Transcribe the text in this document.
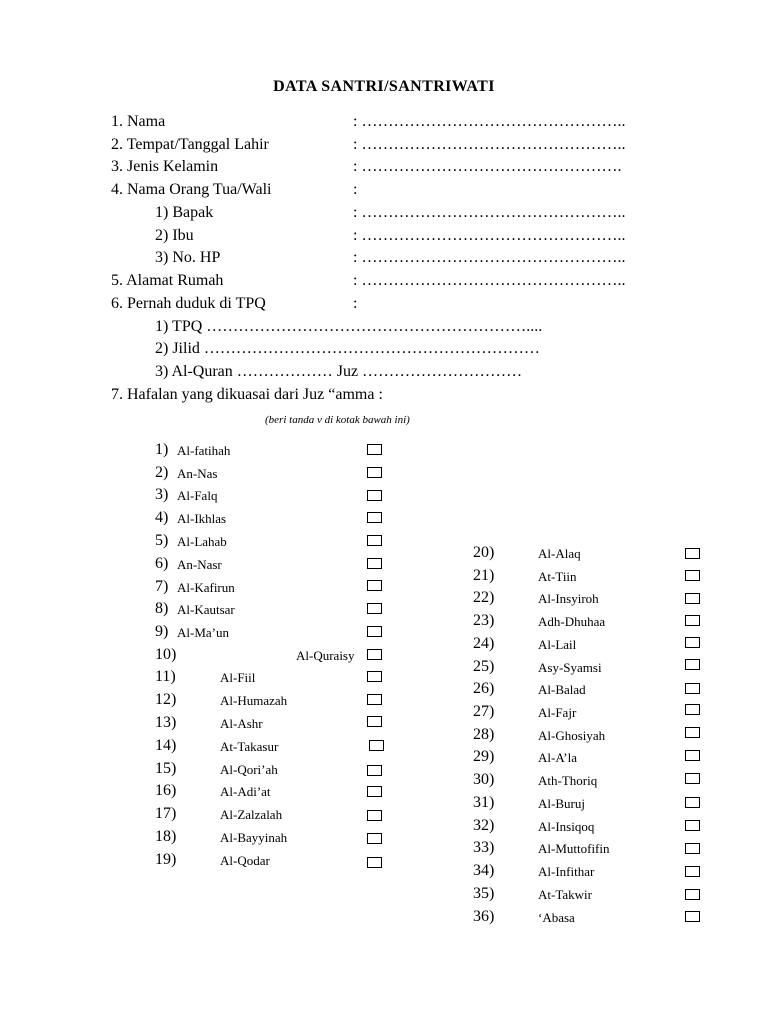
DATA SANTRI/SANTRIWATI
1. Nama	: …………………………………………..
2. Tempat/Tanggal Lahir	: …………………………………………..
3. Jenis Kelamin	: ………………………………………….
4. Nama Orang Tua/Wali	:
1) Bapak	: …………………………………………..
2) Ibu	: …………………………………………..
3) No. HP	: …………………………………………..
5. Alamat Rumah	: …………………………………………..
6. Pernah duduk di TPQ	:
1) TPQ ……………………………………………………....
2) Jilid ………………………………………………………
3) Al-Quran ……………… Juz …………………………
7. Hafalan yang dikuasai dari Juz “amma :
(beri tanda v di kotak bawah ini)
1) Al-fatihah
2) An-Nas
3) Al-Falq
4) Al-Ikhlas
5) Al-Lahab
6) An-Nasr
7) Al-Kafirun
8) Al-Kautsar
9) Al-Ma’un
10)	Al-Quraisy
11)	Al-Fiil
12)	Al-Humazah
13)	Al-Ashr
14)	At-Takasur
15)	Al-Qori’ah
16)	Al-Adi’at
17)	Al-Zalzalah
18)	Al-Bayyinah
19)	Al-Qodar
20)	Al-Alaq
21)	At-Tiin
22)	Al-Insyiroh
23)	Adh-Dhuhaa
24)	Al-Lail
25)	Asy-Syamsi
26)	Al-Balad
27)	Al-Fajr
28)	Al-Ghosiyah
29)	Al-A’la
30)	Ath-Thoriq
31)	Al-Buruj
32)	Al-Insiqoq
33)	Al-Muttofifin
34)	Al-Infithar
35)	At-Takwir
36)	‘Abasa
